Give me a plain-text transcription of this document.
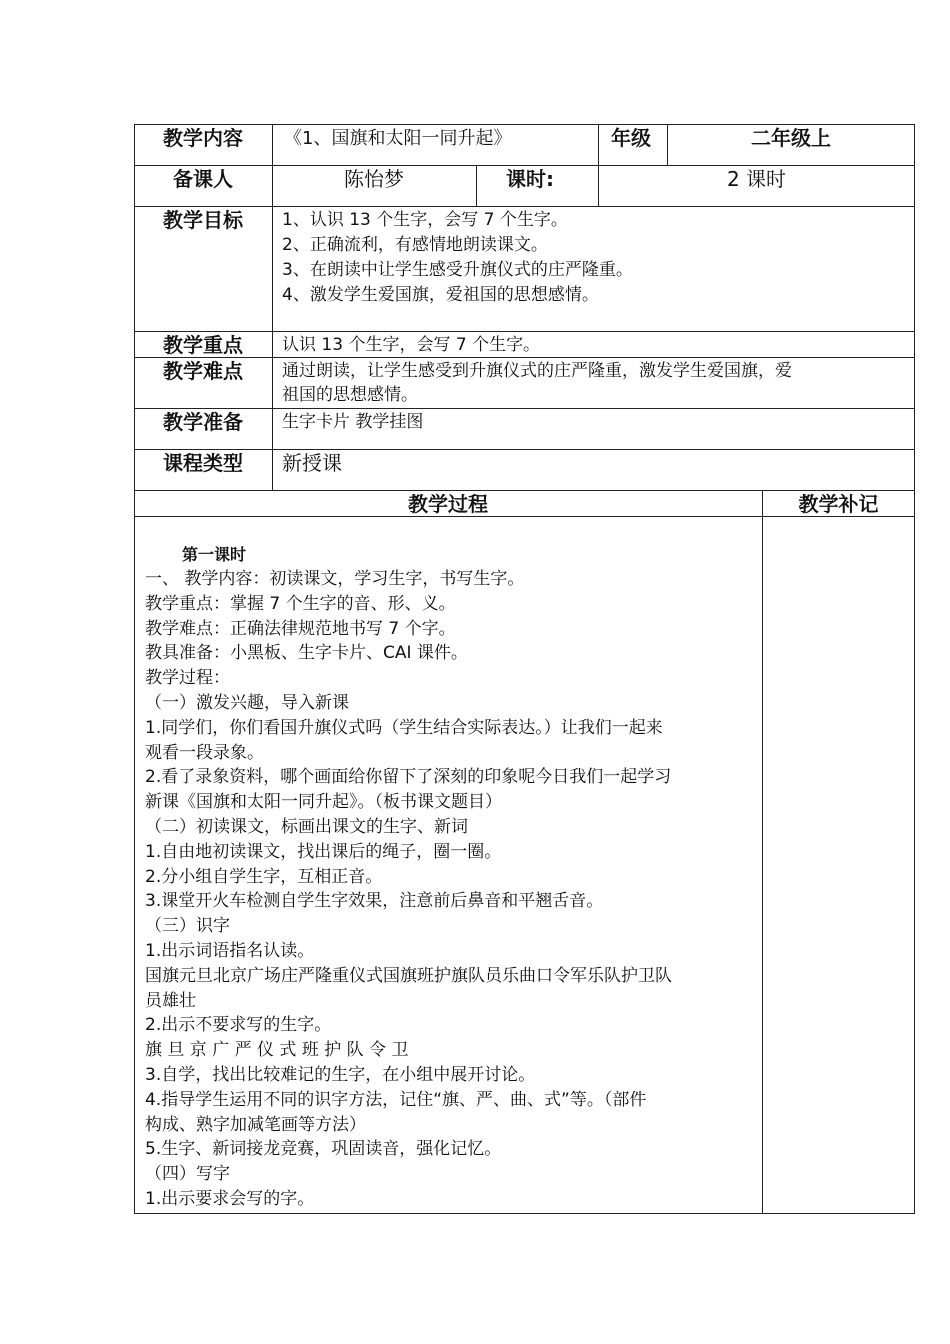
教学内容	《1、国旗和太阳一同升起》	年级	二年级上
备课人	陈怡梦	课时:	2 课时
教学目标	1、认识 13 个生字，会写 7 个生字。
2、正确流利，有感情地朗读课文。
3、在朗读中让学生感受升旗仪式的庄严隆重。
4、激发学生爱国旗，爱祖国的思想感情。
教学重点	认识 13 个生字，会写 7 个生字。
教学难点	通过朗读，让学生感受到升旗仪式的庄严隆重，激发学生爱国旗，爱
祖国的思想感情。
教学准备	生字卡片 教学挂图
课程类型	新授课
教学过程	教学补记
第一课时
一、 教学内容：初读课文，学习生字，书写生字。
教学重点：掌握 7 个生字的音、形、义。
教学难点：正确法律规范地书写 7 个字。
教具准备：小黑板、生字卡片、CAI 课件。
教学过程：
（一）激发兴趣，导入新课
1.同学们，你们看国升旗仪式吗（学生结合实际表达。）让我们一起来
观看一段录象。
2.看了录象资料，哪个画面给你留下了深刻的印象呢今日我们一起学习
新课《国旗和太阳一同升起》。（板书课文题目）
（二）初读课文，标画出课文的生字、新词
1.自由地初读课文，找出课后的绳子，圈一圈。
2.分小组自学生字，互相正音。
3.课堂开火车检测自学生字效果，注意前后鼻音和平翘舌音。
（三）识字
1.出示词语指名认读。
国旗元旦北京广场庄严隆重仪式国旗班护旗队员乐曲口令军乐队护卫队
员雄壮
2.出示不要求写的生字。
旗 旦 京 广 严 仪 式 班 护 队 令 卫
3.自学，找出比较难记的生字，在小组中展开讨论。
4.指导学生运用不同的识字方法，记住“旗、严、曲、式”等。（部件
构成、熟字加减笔画等方法）
5.生字、新词接龙竞赛，巩固读音，强化记忆。
（四）写字
1.出示要求会写的字。
